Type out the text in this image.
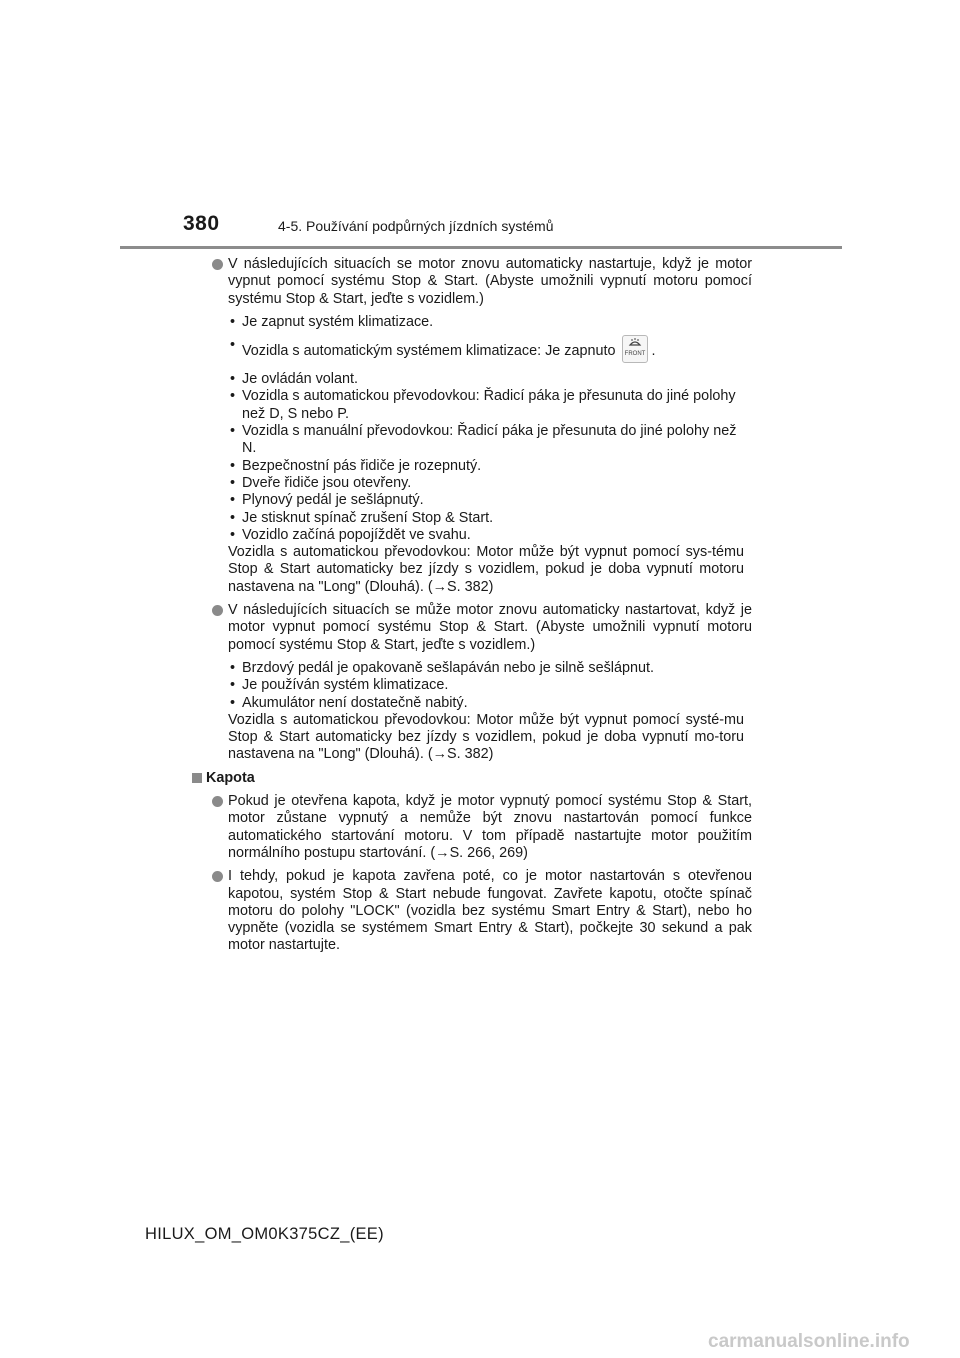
380	4-5. Používání podpůrných jízdních systémů
V následujících situacích se motor znovu automaticky nastartuje, když je motor vypnut pomocí systému Stop & Start. (Abyste umožnili vypnutí motoru pomocí systému Stop & Start, jeďte s vozidlem.)
• Je zapnut systém klimatizace.
• Vozidla s automatickým systémem klimatizace: Je zapnuto FRONT .
• Je ovládán volant.
• Vozidla s automatickou převodovkou: Řadicí páka je přesunuta do jiné polohy než D, S nebo P.
• Vozidla s manuální převodovkou: Řadicí páka je přesunuta do jiné polohy než N.
• Bezpečnostní pás řidiče je rozepnutý.
• Dveře řidiče jsou otevřeny.
• Plynový pedál je sešlápnutý.
• Je stisknut spínač zrušení Stop & Start.
• Vozidlo začíná popojíždět ve svahu.
Vozidla s automatickou převodovkou: Motor může být vypnut pomocí sys-tému Stop & Start automaticky bez jízdy s vozidlem, pokud je doba vypnutí motoru nastavena na "Long" (Dlouhá). (→S. 382)
V následujících situacích se může motor znovu automaticky nastartovat, když je motor vypnut pomocí systému Stop & Start. (Abyste umožnili vypnutí motoru pomocí systému Stop & Start, jeďte s vozidlem.)
• Brzdový pedál je opakovaně sešlapáván nebo je silně sešlápnut.
• Je používán systém klimatizace.
• Akumulátor není dostatečně nabitý.
Vozidla s automatickou převodovkou: Motor může být vypnut pomocí systé-mu Stop & Start automaticky bez jízdy s vozidlem, pokud je doba vypnutí mo-toru nastavena na "Long" (Dlouhá). (→S. 382)
Kapota
Pokud je otevřena kapota, když je motor vypnutý pomocí systému Stop & Start, motor zůstane vypnutý a nemůže být znovu nastartován pomocí funkce automatického startování motoru. V tom případě nastartujte motor použitím normálního postupu startování. (→S. 266, 269)
I tehdy, pokud je kapota zavřena poté, co je motor nastartován s otevřenou kapotou, systém Stop & Start nebude fungovat. Zavřete kapotu, otočte spínač motoru do polohy "LOCK" (vozidla bez systému Smart Entry & Start), nebo ho vypněte (vozidla se systémem Smart Entry & Start), počkejte 30 sekund a pak motor nastartujte.
HILUX_OM_OM0K375CZ_(EE)
carmanualsonline.info
